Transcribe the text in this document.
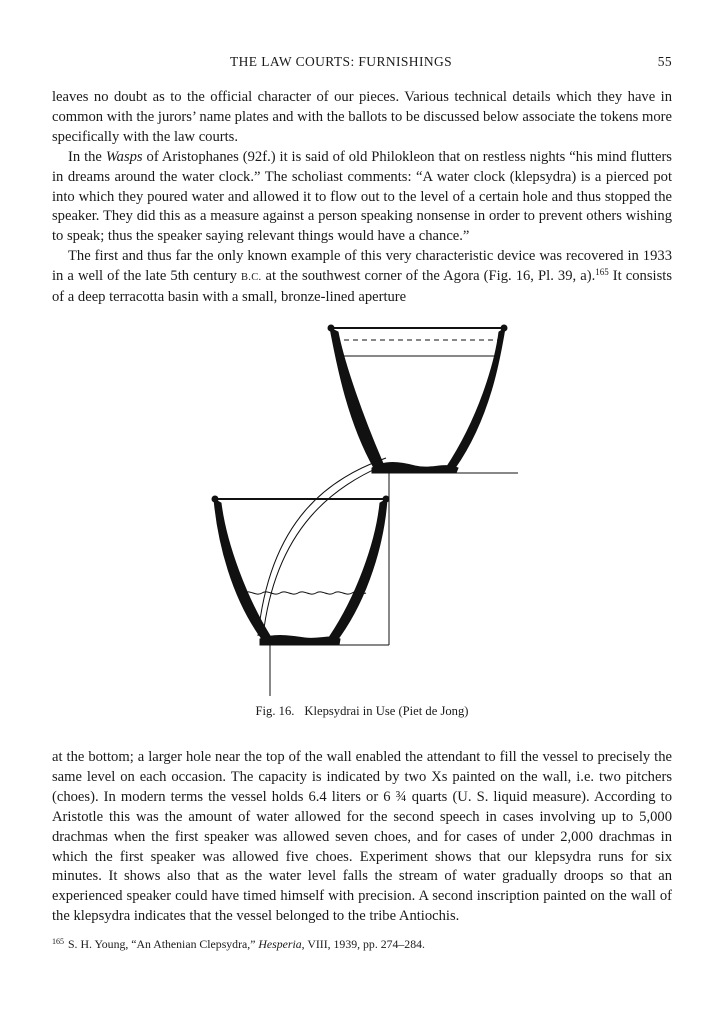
THE LAW COURTS: FURNISHINGS	55

leaves no doubt as to the official character of our pieces. Various technical details which they have in common with the jurors’ name plates and with the ballots to be discussed below associate the tokens more specifically with the law courts.

In the Wasps of Aristophanes (92f.) it is said of old Philokleon that on restless nights “his mind flutters in dreams around the water clock.” The scholiast comments: “A water clock (klepsydra) is a pierced pot into which they poured water and allowed it to flow out to the level of a certain hole and thus stopped the speaker. They did this as a measure against a person speaking nonsense in order to prevent others wishing to speak; thus the speaker saying relevant things would have a chance.”

The first and thus far the only known example of this very characteristic device was recovered in 1933 in a well of the late 5th century B.C. at the southwest corner of the Agora (Fig. 16, Pl. 39, a).$^{165}$ It consists of a deep terracotta basin with a small, bronze-lined aperture

Fig. 16. Klepsydrai in Use (Piet de Jong)

at the bottom; a larger hole near the top of the wall enabled the attendant to fill the vessel to precisely the same level on each occasion. The capacity is indicated by two Xs painted on the wall, i.e. two pitchers (choes). In modern terms the vessel holds 6.4 liters or 6 ¾ quarts (U. S. liquid measure). According to Aristotle this was the amount of water allowed for the second speech in cases involving up to 5,000 drachmas when the first speaker was allowed seven choes, and for cases of under 2,000 drachmas in which the first speaker was allowed five choes. Experiment shows that our klepsydra runs for six minutes. It shows also that as the water level falls the stream of water gradually droops so that an experienced speaker could have timed himself with precision. A second inscription painted on the wall of the klepsydra indicates that the vessel belonged to the tribe Antiochis.

$^{165}$ S. H. Young, “An Athenian Clepsydra,” Hesperia, VIII, 1939, pp. 274–284.
